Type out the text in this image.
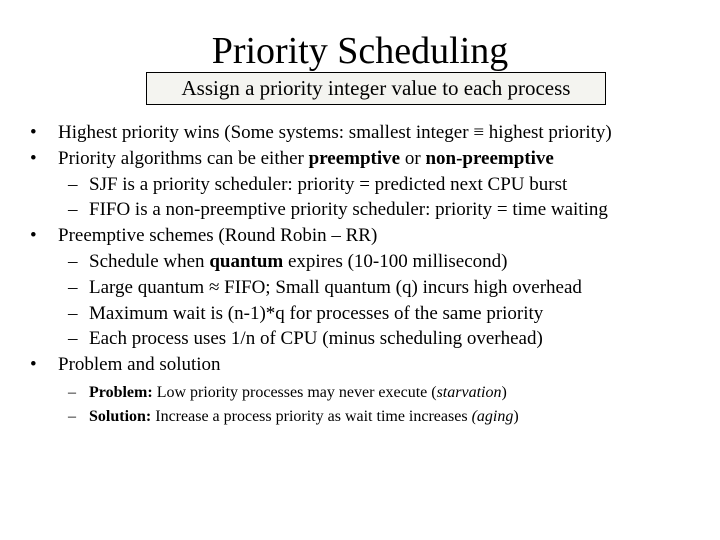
Priority Scheduling
Assign a priority integer value to each process
• Highest priority wins (Some systems: smallest integer ≡ highest priority)
• Priority algorithms can be either preemptive or non-preemptive
– SJF is a priority scheduler: priority = predicted next CPU burst
– FIFO is a non-preemptive priority scheduler: priority = time waiting
• Preemptive schemes (Round Robin – RR)
– Schedule when quantum expires (10-100 millisecond)
– Large quantum ≈ FIFO; Small quantum (q) incurs high overhead
– Maximum wait is (n-1)*q for processes of the same priority
– Each process uses 1/n of CPU (minus scheduling overhead)
• Problem and solution
– Problem: Low priority processes may never execute (starvation)
– Solution: Increase a process priority as wait time increases (aging)
